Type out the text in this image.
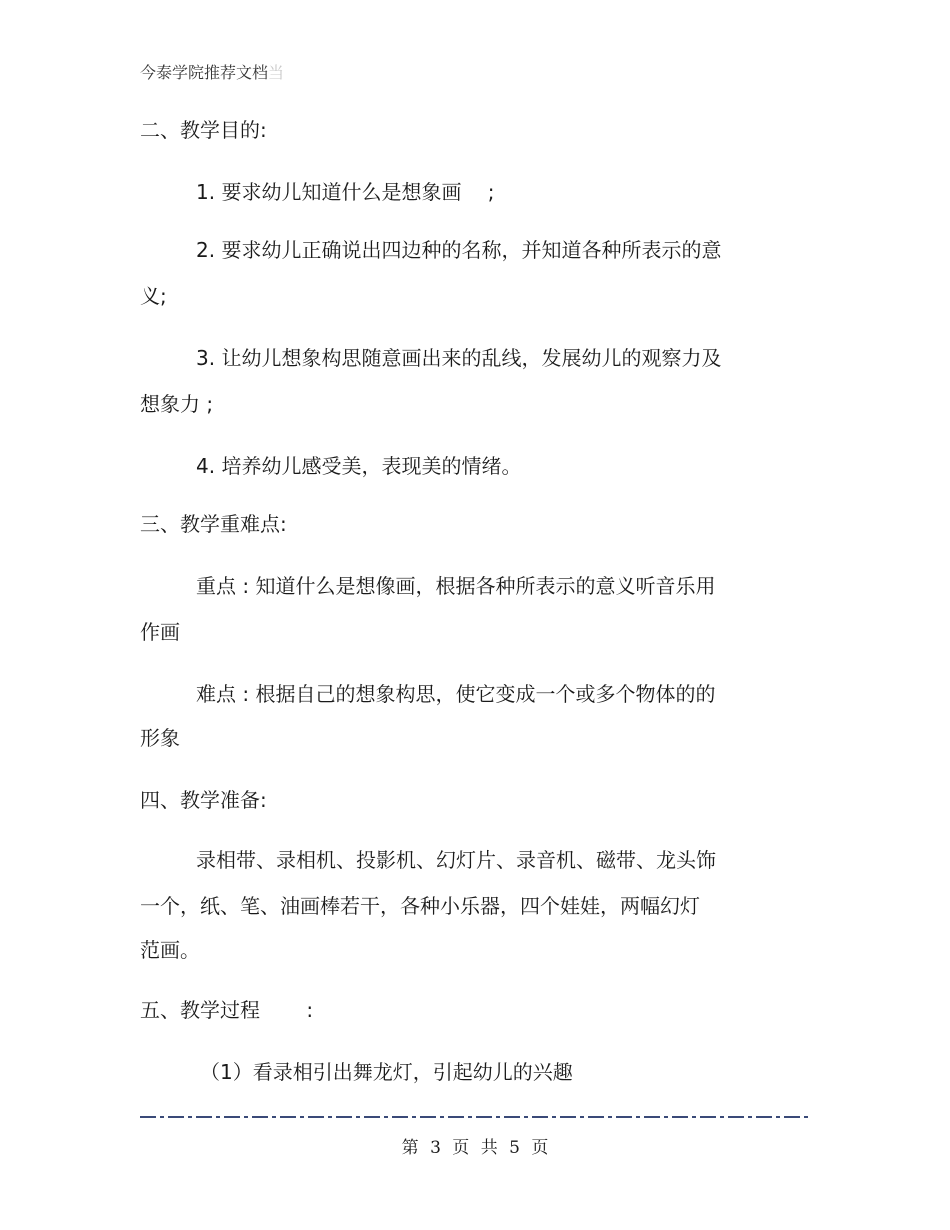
今泰学院推荐文档当
二、教学目的:
1. 要求幼儿知道什么是想象画 　;
2. 要求幼儿正确说出四边种的名称，并知道各种所表示的意
义;
3. 让幼儿想象构思随意画出来的乱线，发展幼儿的观察力及
想象力 ;
4. 培养幼儿感受美，表现美的情绪。
三、教学重难点:
重点 : 知道什么是想像画，根据各种所表示的意义听音乐用
作画
难点 : 根据自己的想象构思，使它变成一个或多个物体的的
形象
四、教学准备:
录相带、录相机、投影机、幻灯片、录音机、磁带、龙头饰
一个，纸、笔、油画棒若干，各种小乐器，四个娃娃，两幅幻灯
范画。
五、教学过程 　　:
（1）看录相引出舞龙灯，引起幼儿的兴趣
第 3 页 共 5 页
